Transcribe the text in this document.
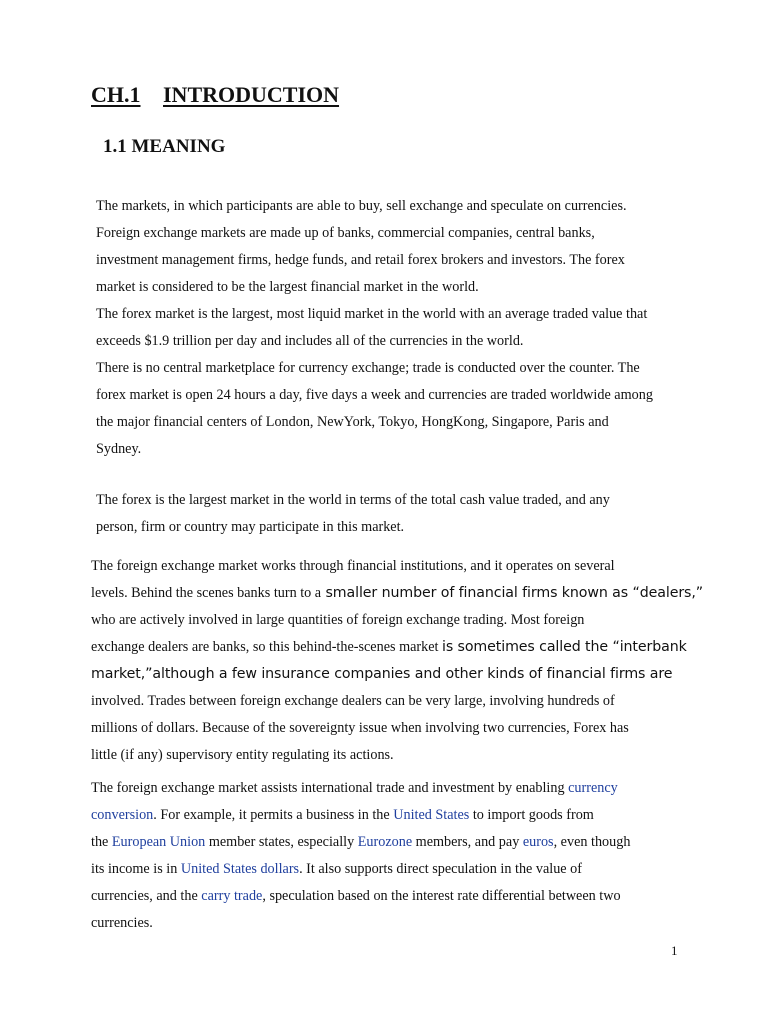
CH.1 INTRODUCTION
1.1 MEANING

The markets, in which participants are able to buy, sell exchange and speculate on currencies.
Foreign exchange markets are made up of banks, commercial companies, central banks,
investment management firms, hedge funds, and retail forex brokers and investors. The forex
market is considered to be the largest financial market in the world.
The forex market is the largest, most liquid market in the world with an average traded value that
exceeds $1.9 trillion per day and includes all of the currencies in the world.
There is no central marketplace for currency exchange; trade is conducted over the counter. The
forex market is open 24 hours a day, five days a week and currencies are traded worldwide among
the major financial centers of London, NewYork, Tokyo, HongKong, Singapore, Paris and
Sydney.

The forex is the largest market in the world in terms of the total cash value traded, and any
person, firm or country may participate in this market.

The foreign exchange market works through financial institutions, and it operates on several
levels. Behind the scenes banks turn to a smaller number of financial firms known as “dealers,”
who are actively involved in large quantities of foreign exchange trading. Most foreign
exchange dealers are banks, so this behind-the-scenes market is sometimes called the “interbank
market,”although a few insurance companies and other kinds of financial firms are
involved. Trades between foreign exchange dealers can be very large, involving hundreds of
millions of dollars. Because of the sovereignty issue when involving two currencies, Forex has
little (if any) supervisory entity regulating its actions.

The foreign exchange market assists international trade and investment by enabling currency
conversion. For example, it permits a business in the United States to import goods from
the European Union member states, especially Eurozone members, and pay euros, even though
its income is in United States dollars. It also supports direct speculation in the value of
currencies, and the carry trade, speculation based on the interest rate differential between two
currencies.

1
